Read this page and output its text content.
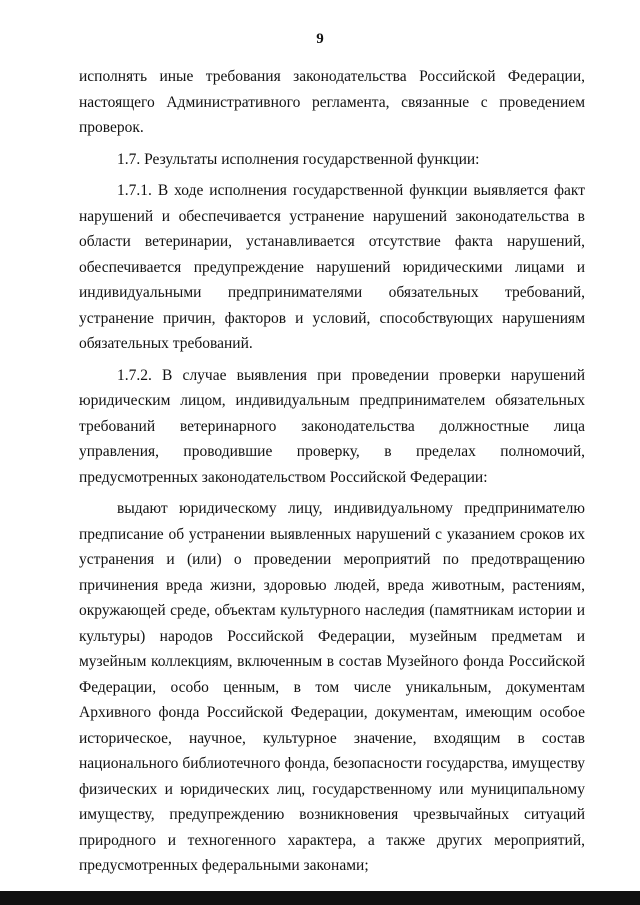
9

исполнять иные требования законодательства Российской Федерации, настоящего Административного регламента, связанные с проведением проверок.

1.7. Результаты исполнения государственной функции:

1.7.1. В ходе исполнения государственной функции выявляется факт нарушений и обеспечивается устранение нарушений законодательства в области ветеринарии, устанавливается отсутствие факта нарушений, обеспечивается предупреждение нарушений юридическими лицами и индивидуальными предпринимателями обязательных требований, устранение причин, факторов и условий, способствующих нарушениям обязательных требований.

1.7.2. В случае выявления при проведении проверки нарушений юридическим лицом, индивидуальным предпринимателем обязательных требований ветеринарного законодательства должностные лица управления, проводившие проверку, в пределах полномочий, предусмотренных законодательством Российской Федерации:

выдают юридическому лицу, индивидуальному предпринимателю предписание об устранении выявленных нарушений с указанием сроков их устранения и (или) о проведении мероприятий по предотвращению причинения вреда жизни, здоровью людей, вреда животным, растениям, окружающей среде, объектам культурного наследия (памятникам истории и культуры) народов Российской Федерации, музейным предметам и музейным коллекциям, включенным в состав Музейного фонда Российской Федерации, особо ценным, в том числе уникальным, документам Архивного фонда Российской Федерации, документам, имеющим особое историческое, научное, культурное значение, входящим в состав национального библиотечного фонда, безопасности государства, имуществу физических и юридических лиц, государственному или муниципальному имуществу, предупреждению возникновения чрезвычайных ситуаций природного и техногенного характера, а также других мероприятий, предусмотренных федеральными законами;
